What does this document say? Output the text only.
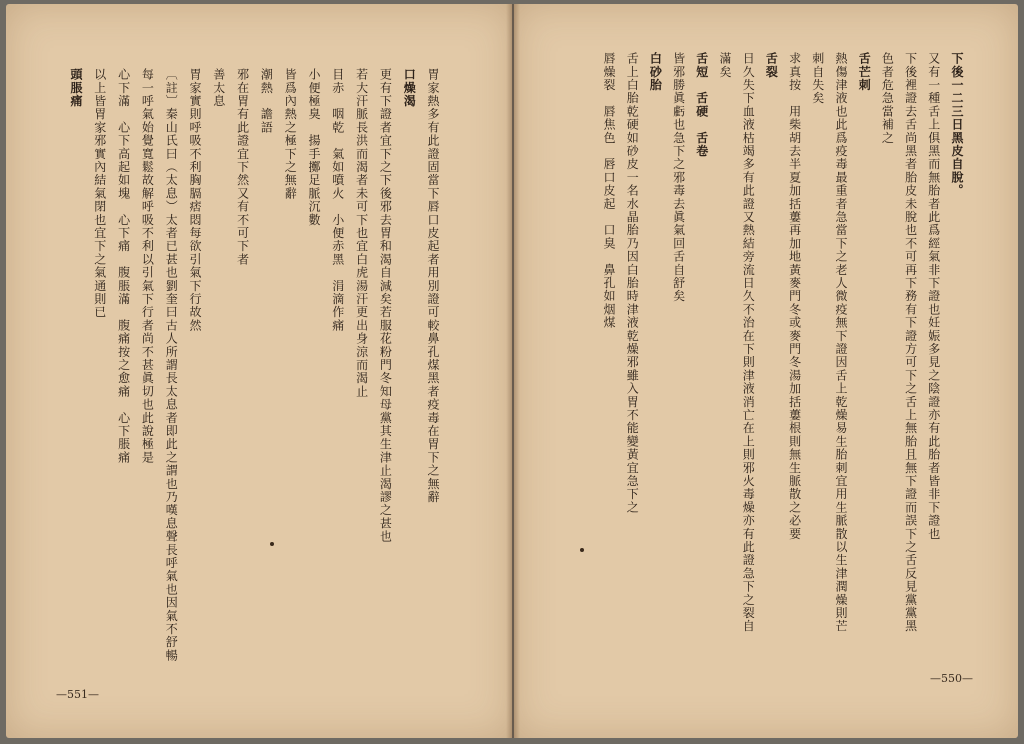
下後一二三日黑皮自脫。
又有一種舌上俱黑而無胎者此爲經氣非下證也妊娠多見之陰證亦有此胎者皆非下證也
下後裡證去舌尚黑者胎皮未脫也不可再下務有下證方可下之舌上無胎且無下證而誤下之舌反見黨黨黑
色者危急當補之
舌芒刺
熱傷津液也此爲疫毒最重者急當下之老人微疫無下證因舌上乾燥易生胎刺宜用生脈散以生津潤燥則芒
刺自失矣
求真按　用柴胡去半夏加括蔞再加地黃麥門冬或麥門冬湯加括蔞根則無生脈散之必要
舌裂
日久失下血液枯竭多有此證又熱結旁流日久不治在下則津液消亡在上則邪火毒燥亦有此證急下之裂自
滿矣
舌短　舌硬　舌卷
皆邪勝眞虧也急下之邪毒去眞氣回舌自舒矣
白砂胎
舌上白胎乾硬如砂皮一名水晶胎乃因白胎時津液乾燥邪雖入胃不能變黃宜急下之
唇燥裂　唇焦色　唇口皮起　口臭　鼻孔如烟煤
胃家熱多有此證固當下唇口皮起者用別證可較鼻孔煤黑者疫毒在胃下之無辭
口燥渴
更有下證者宜下之下後邪去胃和渴自減矣若服花粉門冬知母黨其生津止渴謬之甚也
若大汗脈長洪而渴者未可下也宜白虎湯汗更出身涼而渴止
目赤　咽乾　氣如噴火　小便赤黑　涓滴作痛
小便極臭　揚手擲足脈沉數
皆爲內熱之極下之無辭
潮熱　譫語
邪在胃有此證宜下然又有不可下者
善太息
胃家實則呼吸不利胸膈痞悶每欲引氣下行故然
〔註〕秦山氏曰（太息）太者已甚也劉奎曰古人所謂長太息者即此之謂也乃嘆息聲長呼氣也因氣不舒暢
每一呼氣始覺寬鬆故解呼吸不利以引氣下行者尚不甚眞切也此說極是
心下滿　心下高起如塊　心下痛　腹脹滿　腹痛按之愈痛　心下脹痛
以上皆胃家邪實內結氣閉也宜下之氣通則已
頭脹痛
—550—
—551—
